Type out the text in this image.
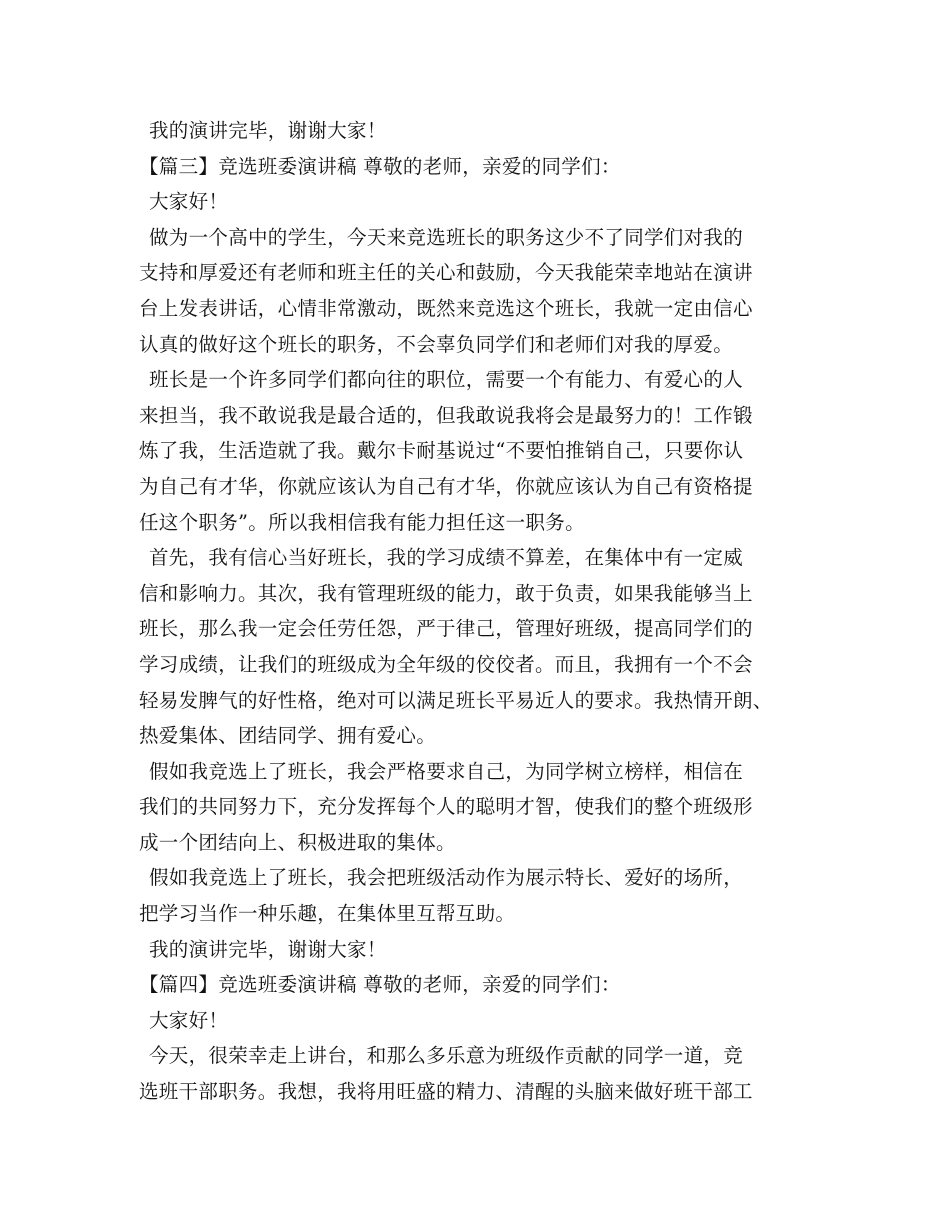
我的演讲完毕，谢谢大家！
【篇三】竞选班委演讲稿 尊敬的老师，亲爱的同学们：
大家好！
做为一个高中的学生，今天来竞选班长的职务这少不了同学们对我的
支持和厚爱还有老师和班主任的关心和鼓励，今天我能荣幸地站在演讲
台上发表讲话，心情非常激动，既然来竞选这个班长，我就一定由信心
认真的做好这个班长的职务，不会辜负同学们和老师们对我的厚爱。
班长是一个许多同学们都向往的职位，需要一个有能力、有爱心的人
来担当，我不敢说我是最合适的，但我敢说我将会是最努力的！工作锻
炼了我，生活造就了我。戴尔卡耐基说过“不要怕推销自己，只要你认
为自己有才华，你就应该认为自己有才华，你就应该认为自己有资格提
任这个职务”。所以我相信我有能力担任这一职务。
首先，我有信心当好班长，我的学习成绩不算差，在集体中有一定威
信和影响力。其次，我有管理班级的能力，敢于负责，如果我能够当上
班长，那么我一定会任劳任怨，严于律己，管理好班级，提高同学们的
学习成绩，让我们的班级成为全年级的佼佼者。而且，我拥有一个不会
轻易发脾气的好性格，绝对可以满足班长平易近人的要求。我热情开朗、
热爱集体、团结同学、拥有爱心。
假如我竞选上了班长，我会严格要求自己，为同学树立榜样，相信在
我们的共同努力下，充分发挥每个人的聪明才智，使我们的整个班级形
成一个团结向上、积极进取的集体。
假如我竞选上了班长，我会把班级活动作为展示特长、爱好的场所，
把学习当作一种乐趣，在集体里互帮互助。
我的演讲完毕，谢谢大家！
【篇四】竞选班委演讲稿 尊敬的老师，亲爱的同学们：
大家好！
今天，很荣幸走上讲台，和那么多乐意为班级作贡献的同学一道，竞
选班干部职务。我想，我将用旺盛的精力、清醒的头脑来做好班干部工
